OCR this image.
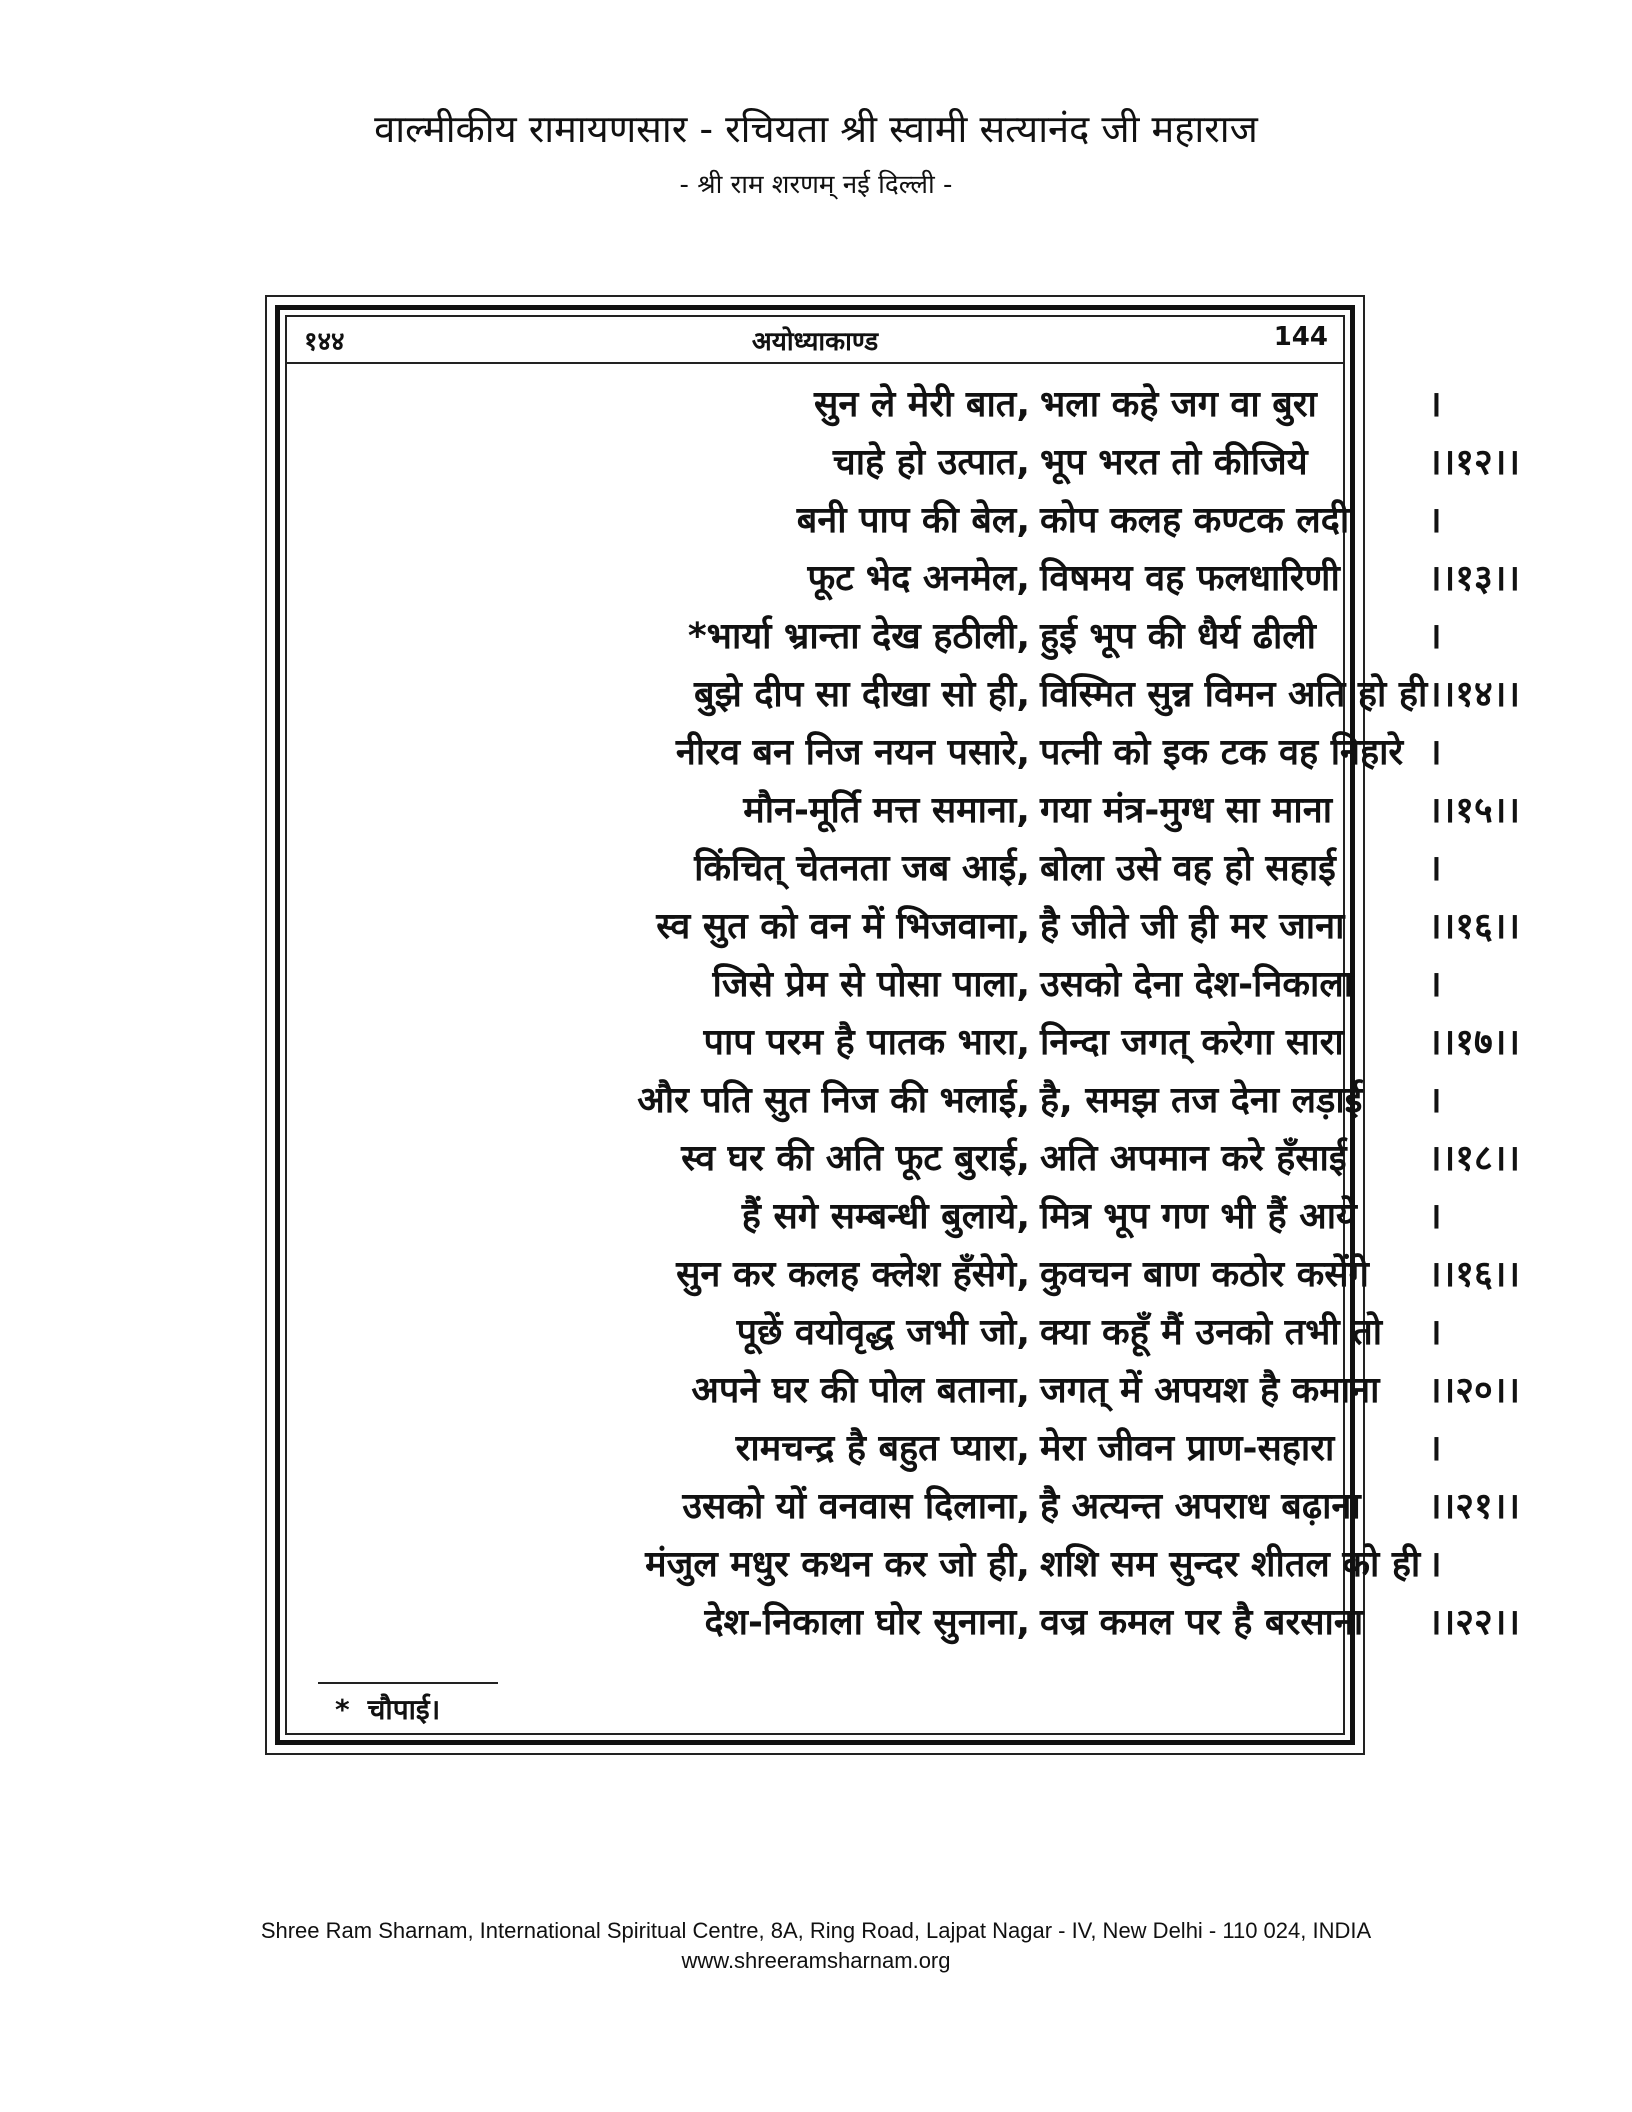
वाल्मीकीय रामायणसार - रचियता श्री स्वामी सत्यानंद जी महाराज
- श्री राम शरणम् नई दिल्ली -
१४४	अयोध्याकाण्ड	144
सुन ले मेरी बात, भला कहे जग वा बुरा	।
चाहे हो उत्पात, भूप भरत तो कीजिये	।।१२।।
बनी पाप की बेल, कोप कलह कण्टक लदी ।
फूट भेद अनमेल, विषमय वह फलधारिणी ।।१३।।
*भार्या भ्रान्ता देख हठीली, हुई भूप की धैर्य ढीली	।
बुझे दीप सा दीखा सो ही, विस्मित सुन्न विमन अति हो ही ।।१४।।
नीरव बन निज नयन पसारे, पत्नी को इक टक वह निहारे ।
मौन-मूर्ति मत्त समाना, गया मंत्र-मुग्ध सा माना	।।१५।।
किंचित् चेतनता जब आई, बोला उसे वह हो सहाई	।
स्व सुत को वन में भिजवाना, है जीते जी ही मर जाना ।।१६।।
जिसे प्रेम से पोसा पाला, उसको देना देश-निकाला ।
पाप परम है पातक भारा, निन्दा जगत् करेगा सारा ।।१७।।
और पति सुत निज की भलाई, है, समझ तज देना लड़ाई ।
स्व घर की अति फूट बुराई, अति अपमान करे हँसाई ।।१८।।
हैं सगे सम्बन्धी बुलाये, मित्र भूप गण भी हैं आये ।
सुन कर कलह क्लेश हँसेगे, कुवचन बाण कठोर कसेंगे ।।१६।।
पूछें वयोवृद्ध जभी जो, क्या कहूँ मैं उनको तभी तो ।
अपने घर की पोल बताना, जगत् में अपयश है कमाना ।।२०।।
रामचन्द्र है बहुत प्यारा, मेरा जीवन प्राण-सहारा	।
उसको यों वनवास दिलाना, है अत्यन्त अपराध बढ़ाना ।।२१।।
मंजुल मधुर कथन कर जो ही, शशि सम सुन्दर शीतल को ही ।
देश-निकाला घोर सुनाना, वज्र कमल पर है बरसाना ।।२२।।
* चौपाई।
Shree Ram Sharnam, International Spiritual Centre, 8A, Ring Road, Lajpat Nagar - IV, New Delhi - 110 024, INDIA
www.shreeramsharnam.org
